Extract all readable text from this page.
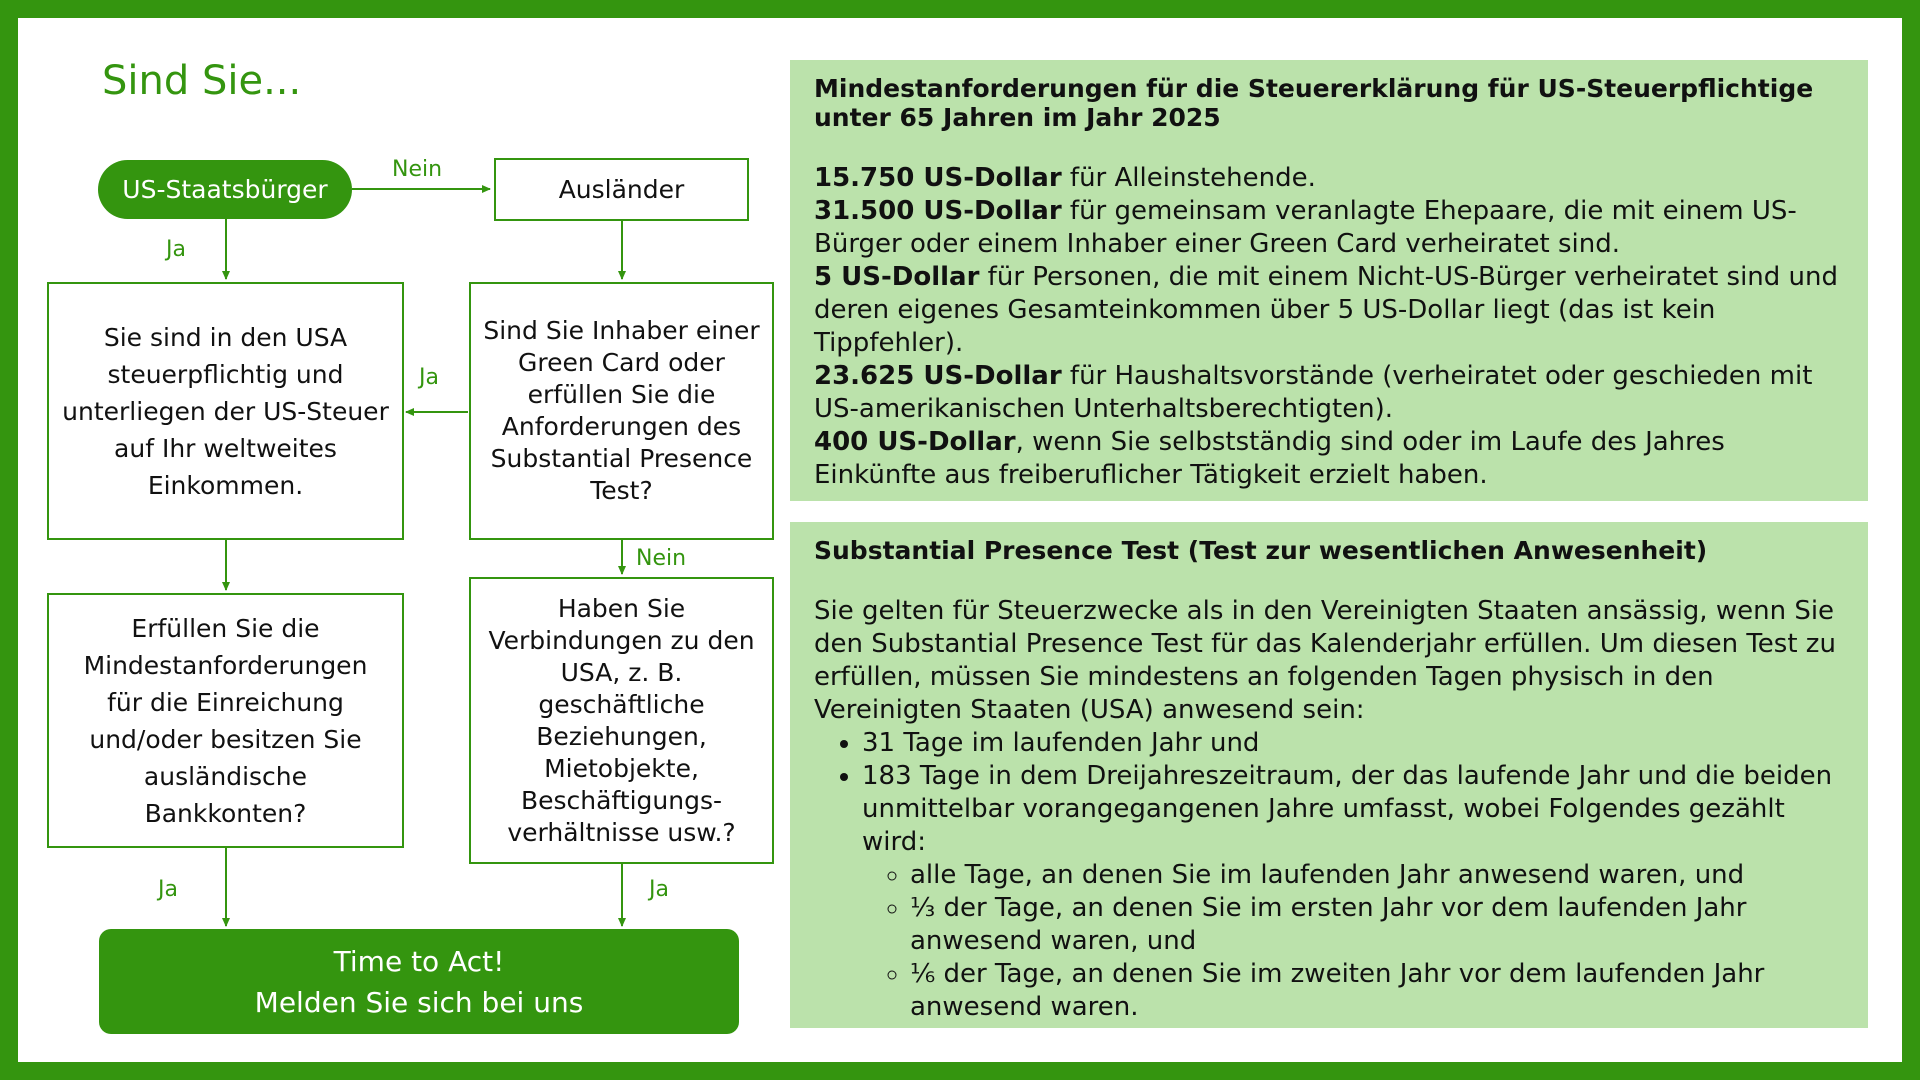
Sind Sie...
US-Staatsbürger	Ausländer
Sie sind in den USA
steuerpflichtig und
unterliegen der US-Steuer
auf Ihr weltweites
Einkommen.
Sind Sie Inhaber einer
Green Card oder
erfüllen Sie die
Anforderungen des
Substantial Presence
Test?
Erfüllen Sie die
Mindestanforderungen
für die Einreichung
und/oder besitzen Sie
ausländische
Bankkonten?
Haben Sie
Verbindungen zu den
USA, z. B.
geschäftliche
Beziehungen,
Mietobjekte,
Beschäftigungs-
verhältnisse usw.?
Time to Act!
Melden Sie sich bei uns
Nein
Ja
Ja
Nein
Ja	Ja
Mindestanforderungen für die Steuererklärung für US-Steuerpflichtige unter 65 Jahren im Jahr 2025
15.750 US-Dollar für Alleinstehende.
31.500 US-Dollar für gemeinsam veranlagte Ehepaare, die mit einem US-Bürger oder einem Inhaber einer Green Card verheiratet sind.
5 US-Dollar für Personen, die mit einem Nicht-US-Bürger verheiratet sind und deren eigenes Gesamteinkommen über 5 US-Dollar liegt (das ist kein Tippfehler).
23.625 US-Dollar für Haushaltsvorstände (verheiratet oder geschieden mit US-amerikanischen Unterhaltsberechtigten).
400 US-Dollar, wenn Sie selbstständig sind oder im Laufe des Jahres Einkünfte aus freiberuflicher Tätigkeit erzielt haben.
Substantial Presence Test (Test zur wesentlichen Anwesenheit)
Sie gelten für Steuerzwecke als in den Vereinigten Staaten ansässig, wenn Sie den Substantial Presence Test für das Kalenderjahr erfüllen. Um diesen Test zu erfüllen, müssen Sie mindestens an folgenden Tagen physisch in den Vereinigten Staaten (USA) anwesend sein:
• 31 Tage im laufenden Jahr und
• 183 Tage in dem Dreijahreszeitraum, der das laufende Jahr und die beiden unmittelbar vorangegangenen Jahre umfasst, wobei Folgendes gezählt wird:
◦ alle Tage, an denen Sie im laufenden Jahr anwesend waren, und
◦ ⅓ der Tage, an denen Sie im ersten Jahr vor dem laufenden Jahr anwesend waren, und
◦ ⅙ der Tage, an denen Sie im zweiten Jahr vor dem laufenden Jahr anwesend waren.
